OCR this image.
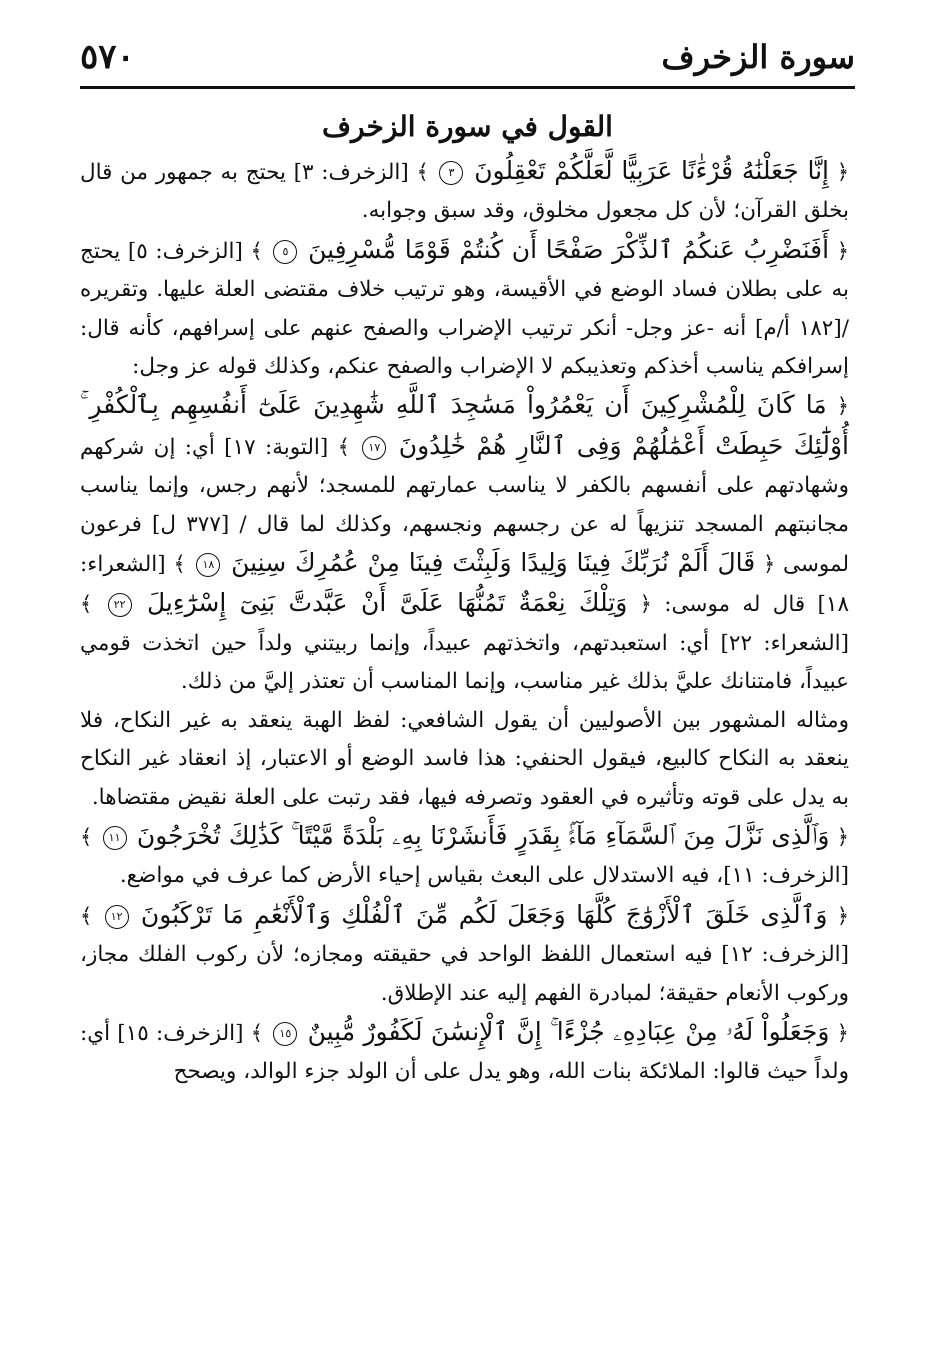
سورة الزخرف
٥٧٠
القول في سورة الزخرف

﴿ إِنَّا جَعَلْنَٰهُ قُرْءَٰنًا عَرَبِيًّا لَّعَلَّكُمْ تَعْقِلُونَ ٣ ﴾ [الزخرف: ٣] يحتج به جمهور من قال بخلق القرآن؛ لأن كل مجعول مخلوق، وقد سبق وجوابه.

﴿ أَفَنَضْرِبُ عَنكُمُ ٱلذِّكْرَ صَفْحًا أَن كُنتُمْ قَوْمًا مُّسْرِفِينَ ٥ ﴾ [الزخرف: ٥] يحتج به على بطلان فساد الوضع في الأقيسة، وهو ترتيب خلاف مقتضى العلة عليها. وتقريره /[١٨٢ أ/م] أنه -عز وجل- أنكر ترتيب الإضراب والصفح عنهم على إسرافهم، كأنه قال: إسرافكم يناسب أخذكم وتعذيبكم لا الإضراب والصفح عنكم، وكذلك قوله عز وجل:

﴿ مَا كَانَ لِلْمُشْرِكِينَ أَن يَعْمُرُواْ مَسَٰجِدَ ٱللَّهِ شَٰهِدِينَ عَلَىٰٓ أَنفُسِهِم بِٱلْكُفْرِ ۚ أُوْلَٰٓئِكَ حَبِطَتْ أَعْمَٰلُهُمْ وَفِى ٱلنَّارِ هُمْ خَٰلِدُونَ ١٧ ﴾ [التوبة: ١٧] أي: إن شركهم وشهادتهم على أنفسهم بالكفر لا يناسب عمارتهم للمسجد؛ لأنهم رجس، وإنما يناسب مجانبتهم المسجد تنزيهاً له عن رجسهم ونجسهم، وكذلك لما قال / [٣٧٧ ل] فرعون لموسى ﴿ قَالَ أَلَمْ نُرَبِّكَ فِينَا وَلِيدًا وَلَبِثْتَ فِينَا مِنْ عُمُرِكَ سِنِينَ ١٨ ﴾ [الشعراء: ١٨] قال له موسى: ﴿ وَتِلْكَ نِعْمَةٌ تَمُنُّهَا عَلَىَّ أَنْ عَبَّدتَّ بَنِىٓ إِسْرَٰٓءِيلَ ٢٢ ﴾ [الشعراء: ٢٢] أي: استعبدتهم، واتخذتهم عبيداً، وإنما ربيتني ولداً حين اتخذت قومي عبيداً، فامتنانك عليَّ بذلك غير مناسب، وإنما المناسب أن تعتذر إليَّ من ذلك.

ومثاله المشهور بين الأصوليين أن يقول الشافعي: لفظ الهبة ينعقد به غير النكاح، فلا ينعقد به النكاح كالبيع، فيقول الحنفي: هذا فاسد الوضع أو الاعتبار، إذ انعقاد غير النكاح به يدل على قوته وتأثيره في العقود وتصرفه فيها، فقد رتبت على العلة نقيض مقتضاها.

﴿ وَٱلَّذِى نَزَّلَ مِنَ ٱلسَّمَآءِ مَآءًۢ بِقَدَرٍ فَأَنشَرْنَا بِهِۦ بَلْدَةً مَّيْتًا ۚ كَذَٰلِكَ تُخْرَجُونَ ١١ ﴾ [الزخرف: ١١]، فيه الاستدلال على البعث بقياس إحياء الأرض كما عرف في مواضع.

﴿ وَٱلَّذِى خَلَقَ ٱلْأَزْوَٰجَ كُلَّهَا وَجَعَلَ لَكُم مِّنَ ٱلْفُلْكِ وَٱلْأَنْعَٰمِ مَا تَرْكَبُونَ ١٢ ﴾ [الزخرف: ١٢] فيه استعمال اللفظ الواحد في حقيقته ومجازه؛ لأن ركوب الفلك مجاز، وركوب الأنعام حقيقة؛ لمبادرة الفهم إليه عند الإطلاق.

﴿ وَجَعَلُواْ لَهُۥ مِنْ عِبَادِهِۦ جُزْءًا ۚ إِنَّ ٱلْإِنسَٰنَ لَكَفُورٌ مُّبِينٌ ١٥ ﴾ [الزخرف: ١٥] أي: ولداً حيث قالوا: الملائكة بنات الله، وهو يدل على أن الولد جزء الوالد، ويصحح
